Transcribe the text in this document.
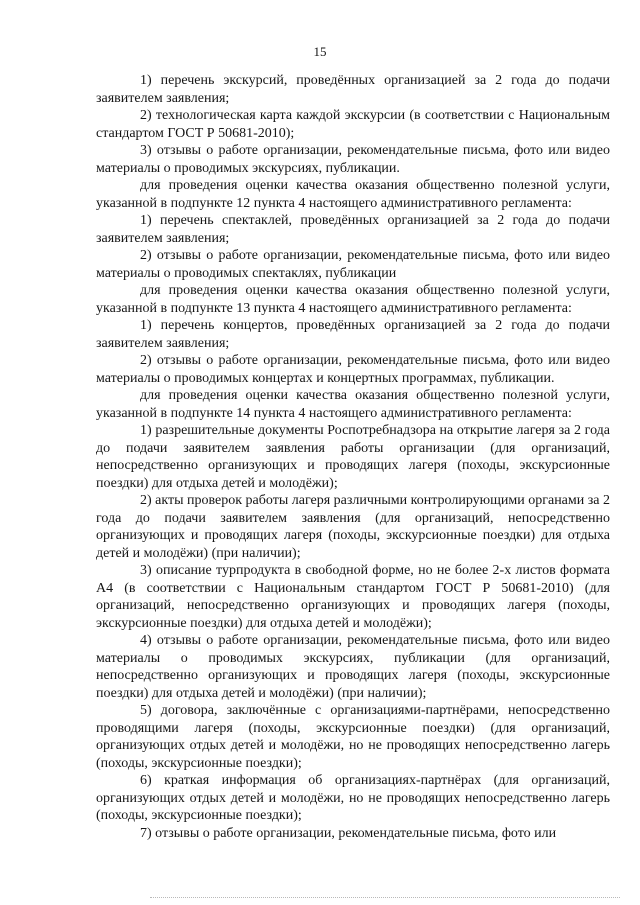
15

1) перечень экскурсий, проведённых организацией за 2 года до подачи заявителем заявления;

2) технологическая карта каждой экскурсии (в соответствии с Национальным стандартом ГОСТ Р 50681-2010);

3) отзывы о работе организации, рекомендательные письма, фото или видео материалы о проводимых экскурсиях, публикации.

для проведения оценки качества оказания общественно полезной услуги, указанной в подпункте 12 пункта 4 настоящего административного регламента:

1) перечень спектаклей, проведённых организацией за 2 года до подачи заявителем заявления;

2) отзывы о работе организации, рекомендательные письма, фото или видео материалы о проводимых спектаклях, публикации

для проведения оценки качества оказания общественно полезной услуги, указанной в подпункте 13 пункта 4 настоящего административного регламента:

1) перечень концертов, проведённых организацией за 2 года до подачи заявителем заявления;

2) отзывы о работе организации, рекомендательные письма, фото или видео материалы о проводимых концертах и концертных программах, публикации.

для проведения оценки качества оказания общественно полезной услуги, указанной в подпункте 14 пункта 4 настоящего административного регламента:

1) разрешительные документы Роспотребнадзора на открытие лагеря за 2 года до подачи заявителем заявления работы организации (для организаций, непосредственно организующих и проводящих лагеря (походы, экскурсионные поездки) для отдыха детей и молодёжи);

2) акты проверок работы лагеря различными контролирующими органами за 2 года до подачи заявителем заявления (для организаций, непосредственно организующих и проводящих лагеря (походы, экскурсионные поездки) для отдыха детей и молодёжи) (при наличии);

3) описание турпродукта в свободной форме, но не более 2-х листов формата А4 (в соответствии с Национальным стандартом ГОСТ Р 50681-2010) (для организаций, непосредственно организующих и проводящих лагеря (походы, экскурсионные поездки) для отдыха детей и молодёжи);

4) отзывы о работе организации, рекомендательные письма, фото или видео материалы о проводимых экскурсиях, публикации (для организаций, непосредственно организующих и проводящих лагеря (походы, экскурсионные поездки) для отдыха детей и молодёжи) (при наличии);

5) договора, заключённые с организациями-партнёрами, непосредственно проводящими лагеря (походы, экскурсионные поездки) (для организаций, организующих отдых детей и молодёжи, но не проводящих непосредственно лагерь (походы, экскурсионные поездки);

6) краткая информация об организациях-партнёрах (для организаций, организующих отдых детей и молодёжи, но не проводящих непосредственно лагерь (походы, экскурсионные поездки);

7) отзывы о работе организации, рекомендательные письма, фото или
